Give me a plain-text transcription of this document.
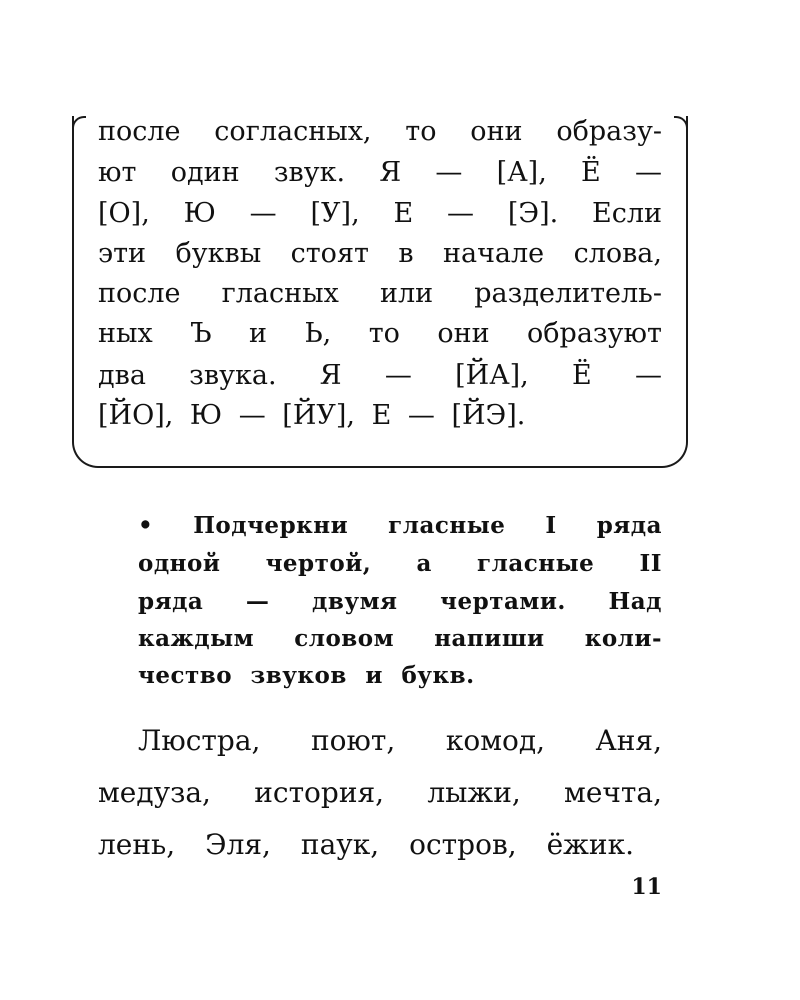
после согласных, то они образу-
ют один звук. Я — [А], Ё —
[О], Ю — [У], Е — [Э]. Если
эти буквы стоят в начале слова,
после гласных или разделитель-
ных Ъ и Ь, то они образуют
два звука. Я — [ЙА], Ё —
[ЙО], Ю — [ЙУ], Е — [ЙЭ].
• Подчеркни гласные I ряда
одной чертой, а гласные II
ряда — двумя чертами. Над
каждым словом напиши коли-
чество звуков и букв.
Люстра, поют, комод, Аня,
медуза, история, лыжи, мечта,
лень, Эля, паук, остров, ёжик.
11
